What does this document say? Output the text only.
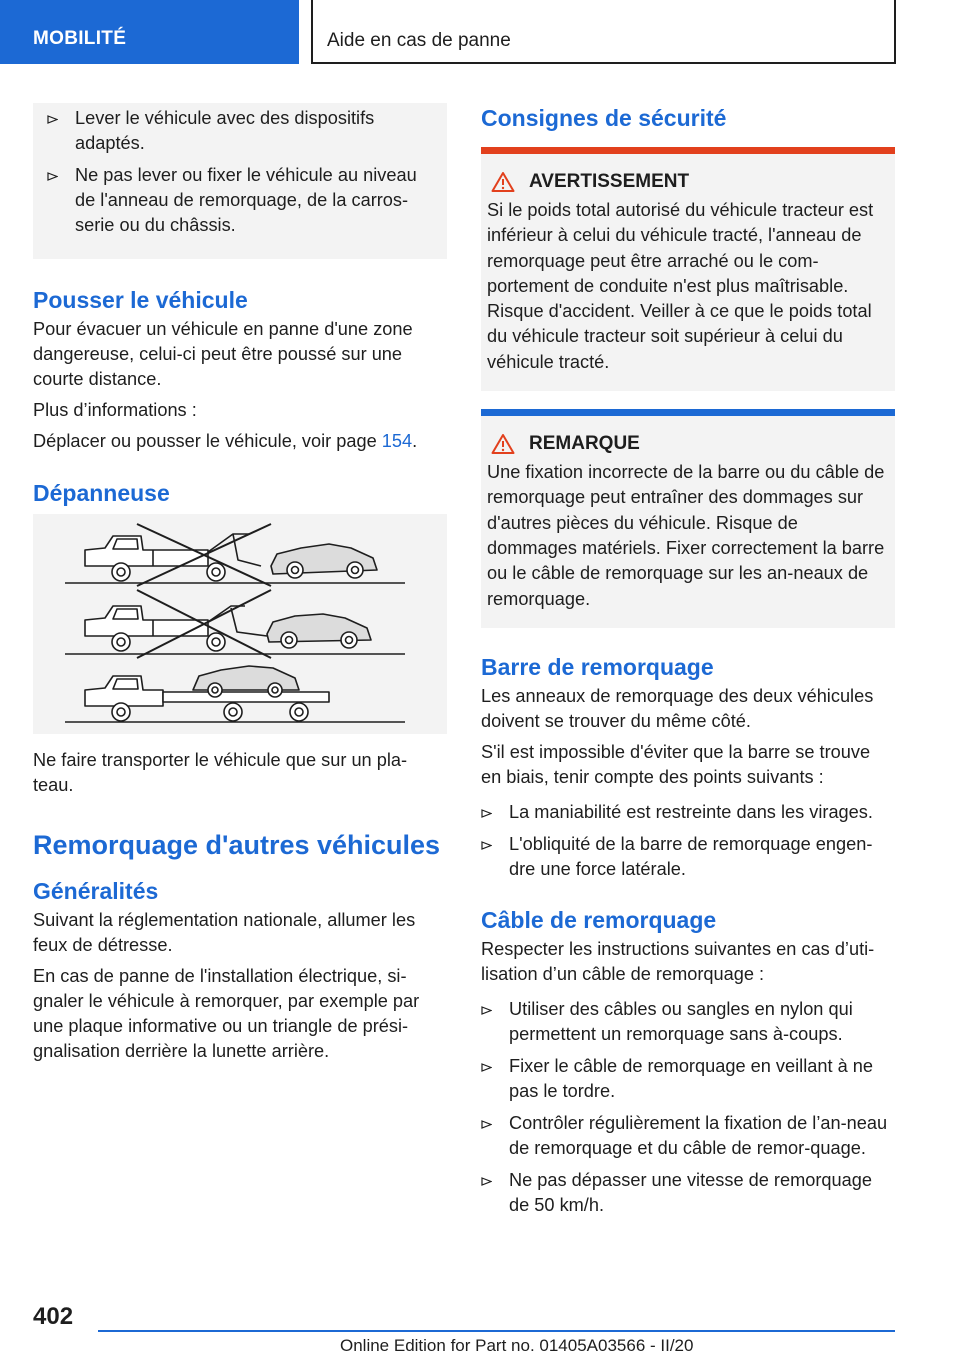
MOBILITÉ	Aide en cas de panne
Lever le véhicule avec des dispositifs adaptés.
Ne pas lever ou fixer le véhicule au niveau de l'anneau de remorquage, de la carros-serie ou du châssis.
Pousser le véhicule

Pour évacuer un véhicule en panne d'une zone dangereuse, celui-ci peut être poussé sur une courte distance.

Plus d’informations :

Déplacer ou pousser le véhicule, voir page 154.

Dépanneuse

Ne faire transporter le véhicule que sur un pla-teau.

Remorquage d'autres véhicules
Généralités

Suivant la réglementation nationale, allumer les feux de détresse.

En cas de panne de l'installation électrique, si-gnaler le véhicule à remorquer, par exemple par une plaque informative ou un triangle de prési-gnalisation derrière la lunette arrière.

Consignes de sécurité
AVERTISSEMENT
Si le poids total autorisé du véhicule tracteur est inférieur à celui du véhicule tracté, l'anneau de remorquage peut être arraché ou le com-portement de conduite n'est plus maîtrisable. Risque d'accident. Veiller à ce que le poids total du véhicule tracteur soit supérieur à celui du véhicule tracté.
REMARQUE
Une fixation incorrecte de la barre ou du câble de remorquage peut entraîner des dommages sur d'autres pièces du véhicule. Risque de dommages matériels. Fixer correctement la barre ou le câble de remorquage sur les an-neaux de remorquage.
Barre de remorquage

Les anneaux de remorquage des deux véhicules doivent se trouver du même côté.

S'il est impossible d'éviter que la barre se trouve en biais, tenir compte des points suivants :

La maniabilité est restreinte dans les virages.
L'obliquité de la barre de remorquage engen-dre une force latérale.
Câble de remorquage

Respecter les instructions suivantes en cas d’uti-lisation d’un câble de remorquage :

Utiliser des câbles ou sangles en nylon qui permettent un remorquage sans à-coups.
Fixer le câble de remorquage en veillant à ne pas le tordre.
Contrôler régulièrement la fixation de l’an-neau de remorquage et du câble de remor-quage.
Ne pas dépasser une vitesse de remorquage de 50 km/h.
402
Online Edition for Part no. 01405A03566 - II/20
